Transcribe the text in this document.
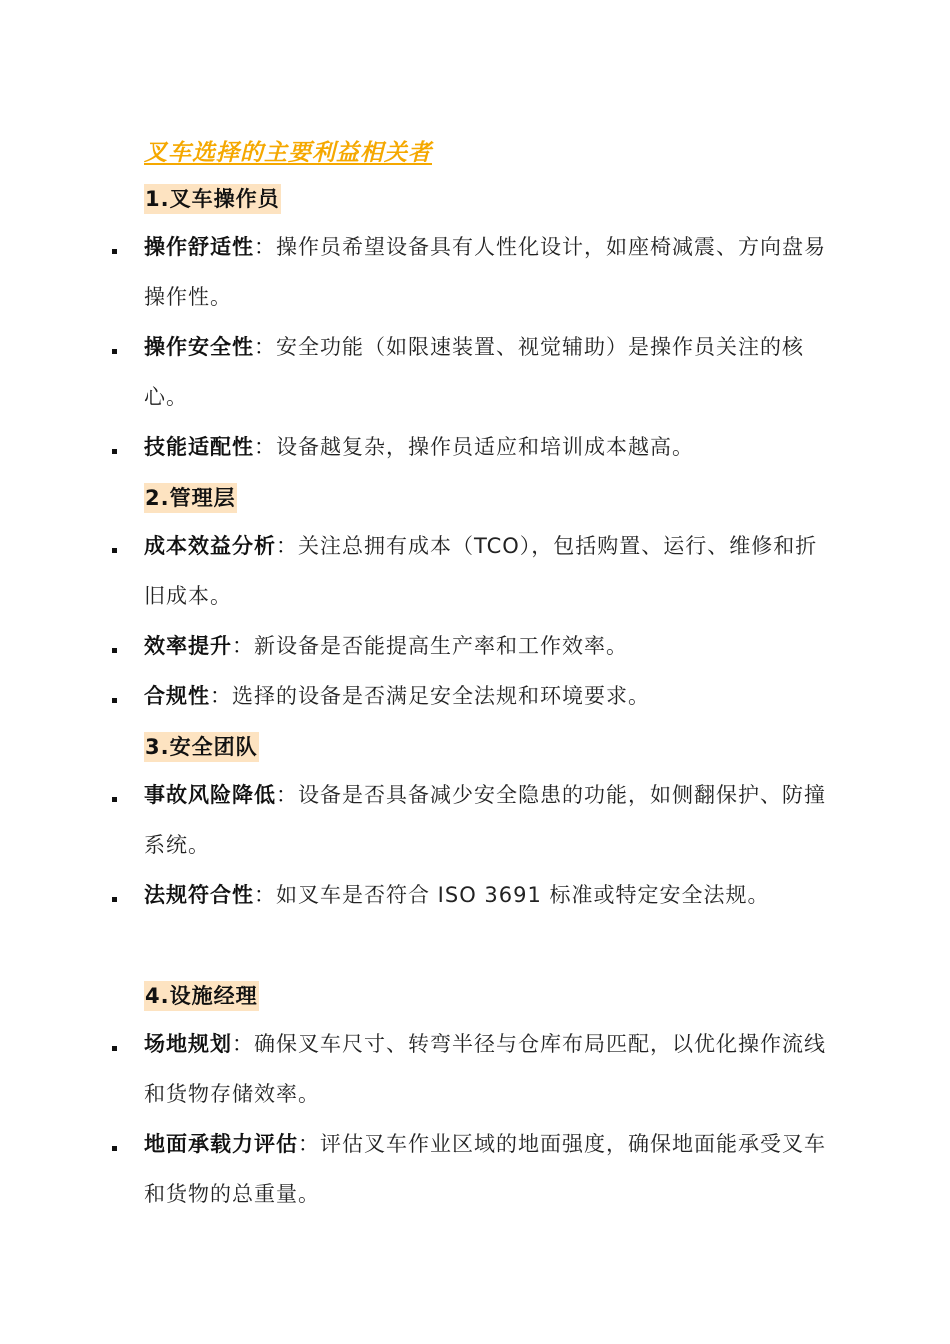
叉车选择的主要利益相关者
1.叉车操作员
操作舒适性：操作员希望设备具有人性化设计，如座椅减震、方向盘易操作性。
操作安全性：安全功能（如限速装置、视觉辅助）是操作员关注的核心。
技能适配性：设备越复杂，操作员适应和培训成本越高。
2.管理层
成本效益分析：关注总拥有成本（TCO），包括购置、运行、维修和折旧成本。
效率提升：新设备是否能提高生产率和工作效率。
合规性：选择的设备是否满足安全法规和环境要求。
3.安全团队
事故风险降低：设备是否具备减少安全隐患的功能，如侧翻保护、防撞系统。
法规符合性：如叉车是否符合 ISO 3691 标准或特定安全法规。
4.设施经理
场地规划：确保叉车尺寸、转弯半径与仓库布局匹配，以优化操作流线和货物存储效率。
地面承载力评估：评估叉车作业区域的地面强度，确保地面能承受叉车和货物的总重量。
